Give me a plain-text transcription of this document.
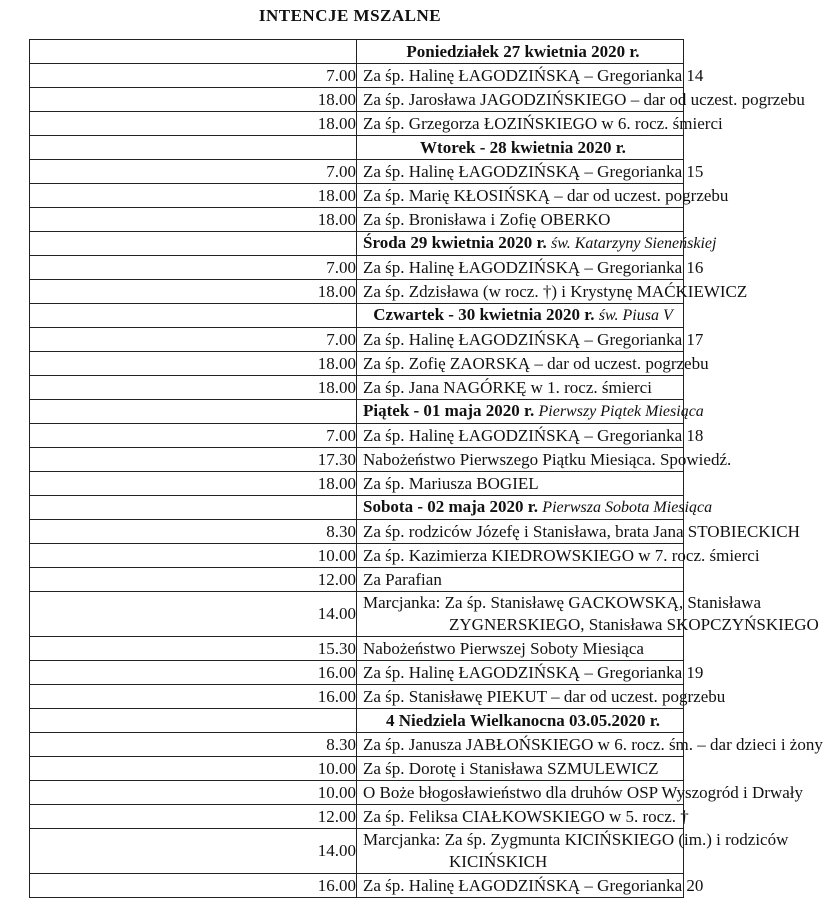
INTENCJE MSZALNE
	Poniedziałek 27 kwietnia 2020 r.
7.00	Za śp. Halinę ŁAGODZIŃSKĄ – Gregorianka 14
18.00	Za śp. Jarosława JAGODZIŃSKIEGO – dar od uczest. pogrzebu
18.00	Za śp. Grzegorza ŁOZIŃSKIEGO w 6. rocz. śmierci
	Wtorek - 28 kwietnia 2020 r.
7.00	Za śp. Halinę ŁAGODZIŃSKĄ – Gregorianka 15
18.00	Za śp. Marię KŁOSIŃSKĄ – dar od uczest. pogrzebu
18.00	Za śp. Bronisława i Zofię OBERKO
	Środa 29 kwietnia 2020 r. św. Katarzyny Sieneńskiej
7.00	Za śp. Halinę ŁAGODZIŃSKĄ – Gregorianka 16
18.00	Za śp. Zdzisława (w rocz. †) i Krystynę MAĆKIEWICZ
	Czwartek - 30 kwietnia 2020 r. św. Piusa V
7.00	Za śp. Halinę ŁAGODZIŃSKĄ – Gregorianka 17
18.00	Za śp. Zofię ZAORSKĄ – dar od uczest. pogrzebu
18.00	Za śp. Jana NAGÓRKĘ w 1. rocz. śmierci
	Piątek - 01 maja 2020 r. Pierwszy Piątek Miesiąca
7.00	Za śp. Halinę ŁAGODZIŃSKĄ – Gregorianka 18
17.30	Nabożeństwo Pierwszego Piątku Miesiąca. Spowiedź.
18.00	Za śp. Mariusza BOGIEL
	Sobota - 02 maja 2020 r. Pierwsza Sobota Miesiąca
8.30	Za śp. rodziców Józefę i Stanisława, brata Jana STOBIECKICH
10.00	Za śp. Kazimierza KIEDROWSKIEGO w 7. rocz. śmierci
12.00	Za Parafian
14.00	Marcjanka: Za śp. Stanisławę GACKOWSKĄ, Stanisława
ZYGNERSKIEGO, Stanisława SKOPCZYŃSKIEGO

15.30	Nabożeństwo Pierwszej Soboty Miesiąca
16.00	Za śp. Halinę ŁAGODZIŃSKĄ – Gregorianka 19
16.00	Za śp. Stanisławę PIEKUT – dar od uczest. pogrzebu
	4 Niedziela Wielkanocna 03.05.2020 r.
8.30	Za śp. Janusza JABŁOŃSKIEGO w 6. rocz. śm. – dar dzieci i żony
10.00	Za śp. Dorotę i Stanisława SZMULEWICZ
10.00	O Boże błogosławieństwo dla druhów OSP Wyszogród i Drwały
12.00	Za śp. Feliksa CIAŁKOWSKIEGO w 5. rocz. †
14.00	Marcjanka: Za śp. Zygmunta KICIŃSKIEGO (im.) i rodziców
KICIŃSKICH

16.00	Za śp. Halinę ŁAGODZIŃSKĄ – Gregorianka 20
